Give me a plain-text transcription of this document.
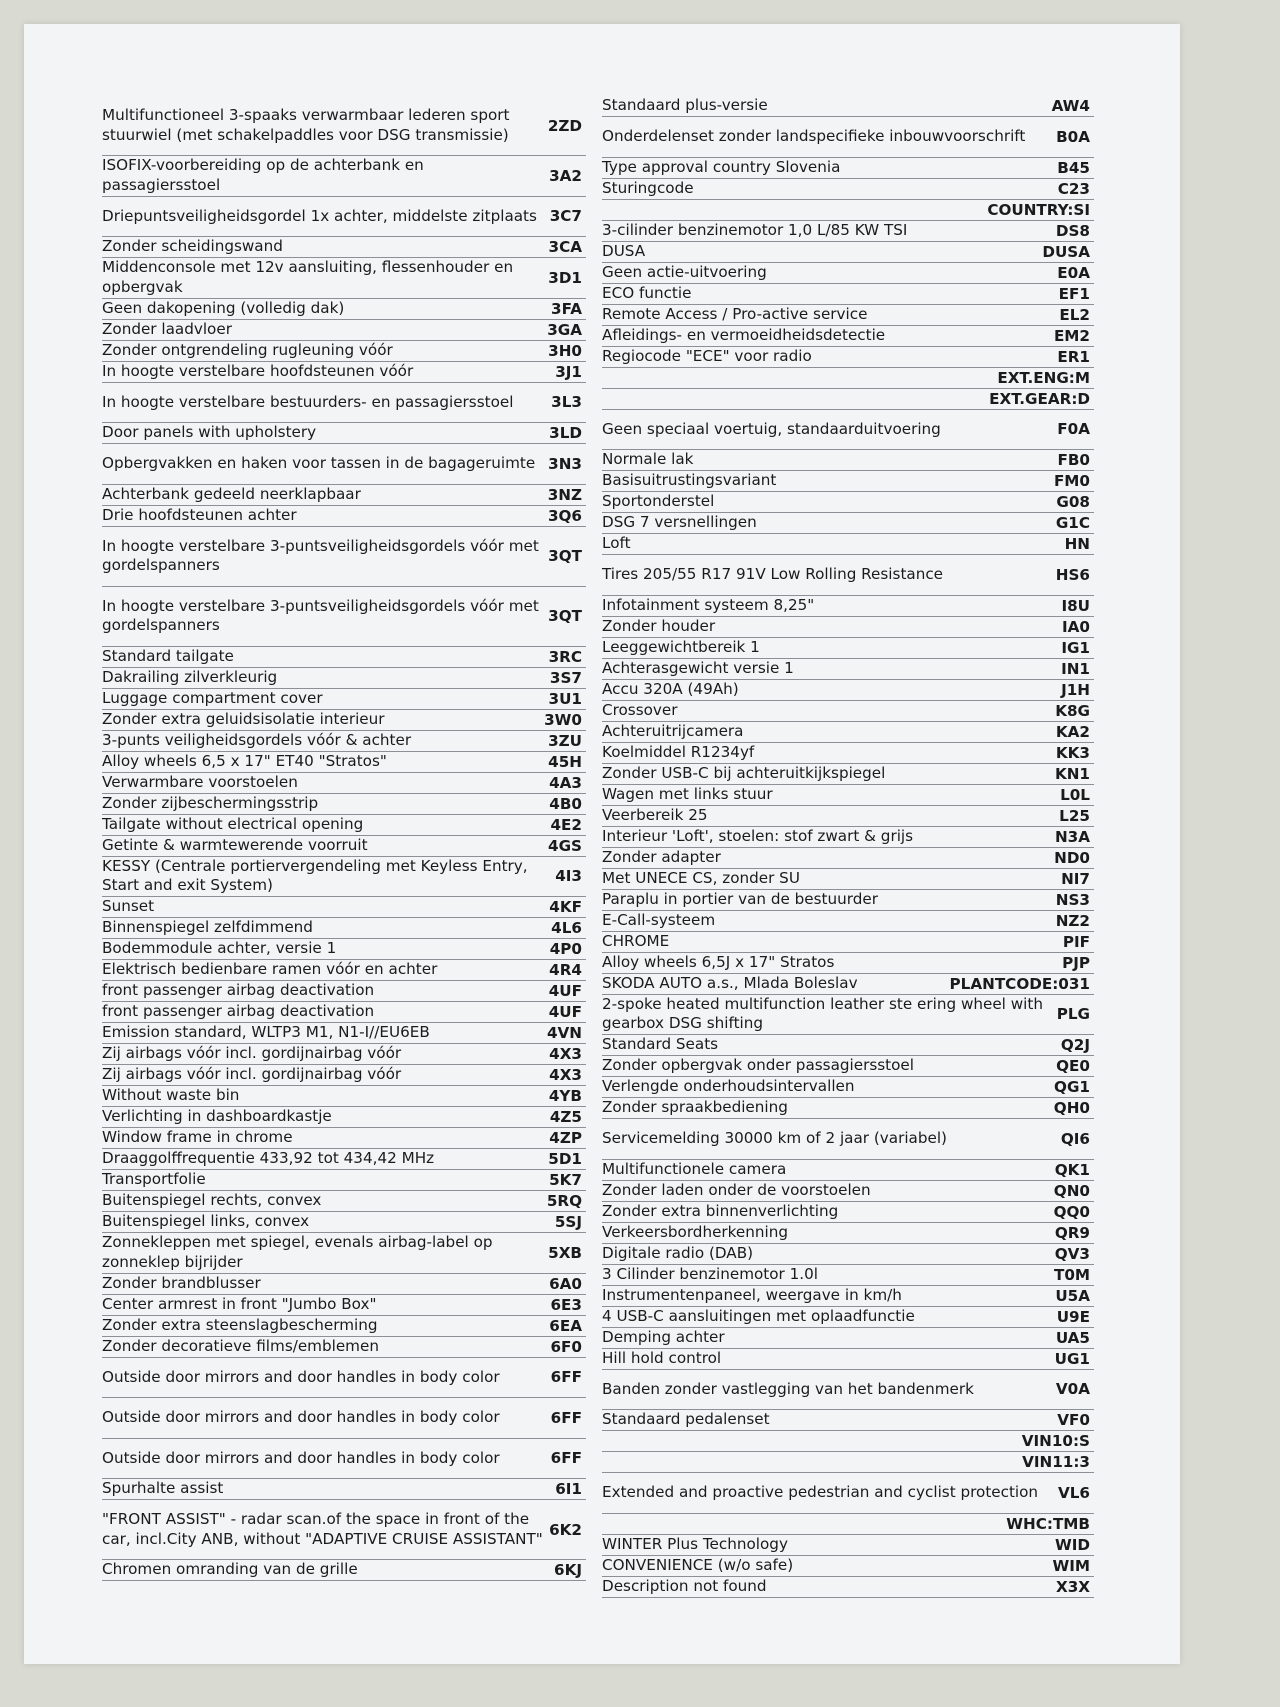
Multifunctioneel 3-spaaks verwarmbaar lederen sport stuurwiel (met schakelpaddles voor DSG transmissie)	2ZD
ISOFIX-voorbereiding op de achterbank en passagiersstoel	3A2
Driepuntsveiligheidsgordel 1x achter, middelste zitplaats 3C7
Zonder scheidingswand	3CA
Middenconsole met 12v aansluiting, flessenhouder en opbergvak	3D1
Geen dakopening (volledig dak)	3FA
Zonder laadvloer	3GA
Zonder ontgrendeling rugleuning vóór	3H0
In hoogte verstelbare hoofdsteunen vóór	3J1
In hoogte verstelbare bestuurders- en passagiersstoel	3L3
Door panels with upholstery	3LD
Opbergvakken en haken voor tassen in de bagageruimte 3N3
Achterbank gedeeld neerklapbaar	3NZ
Drie hoofdsteunen achter	3Q6
In hoogte verstelbare 3-puntsveiligheidsgordels vóór met gordelspanners	3QT
In hoogte verstelbare 3-puntsveiligheidsgordels vóór met gordelspanners	3QT
Standard tailgate	3RC
Dakrailing zilverkleurig	3S7
Luggage compartment cover	3U1
Zonder extra geluidsisolatie interieur	3W0
3-punts veiligheidsgordels vóór & achter	3ZU
Alloy wheels 6,5 x 17" ET40 "Stratos"	45H
Verwarmbare voorstoelen	4A3
Zonder zijbeschermingsstrip	4B0
Tailgate without electrical opening	4E2
Getinte & warmtewerende voorruit	4GS
KESSY (Centrale portiervergendeling met Keyless Entry, Start and exit System)	4I3
Sunset	4KF
Binnenspiegel zelfdimmend	4L6
Bodemmodule achter, versie 1	4P0
Elektrisch bedienbare ramen vóór en achter	4R4
front passenger airbag deactivation	4UF
front passenger airbag deactivation	4UF
Emission standard, WLTP3 M1, N1-I//EU6EB	4VN
Zij airbags vóór incl. gordijnairbag vóór	4X3
Zij airbags vóór incl. gordijnairbag vóór	4X3
Without waste bin	4YB
Verlichting in dashboardkastje	4Z5
Window frame in chrome	4ZP
Draaggolffrequentie 433,92 tot 434,42 MHz	5D1
Transportfolie	5K7
Buitenspiegel rechts, convex	5RQ
Buitenspiegel links, convex	5SJ
Zonnekleppen met spiegel, evenals airbag-label op zonneklep bijrijder	5XB
Zonder brandblusser	6A0
Center armrest in front "Jumbo Box"	6E3
Zonder extra steenslagbescherming	6EA
Zonder decoratieve films/emblemen	6F0
Outside door mirrors and door handles in body color	6FF
Outside door mirrors and door handles in body color	6FF
Outside door mirrors and door handles in body color	6FF
Spurhalte assist	6I1
"FRONT ASSIST" - radar scan.of the space in front of the car, incl.City ANB, without "ADAPTIVE CRUISE ASSISTANT" 6K2
Chromen omranding van de grille	6KJ
Standaard plus-versie	AW4
Onderdelenset zonder landspecifieke inbouwvoorschrift	B0A
Type approval country Slovenia	B45
Sturingcode	C23
COUNTRY:SI
3-cilinder benzinemotor 1,0 L/85 KW TSI	DS8
DUSA	DUSA
Geen actie-uitvoering	E0A
ECO functie	EF1
Remote Access / Pro-active service	EL2
Afleidings- en vermoeidheidsdetectie	EM2
Regiocode "ECE" voor radio	ER1
EXT.ENG:M
EXT.GEAR:D
Geen speciaal voertuig, standaarduitvoering	F0A
Normale lak	FB0
Basisuitrustingsvariant	FM0
Sportonderstel	G08
DSG 7 versnellingen	G1C
Loft	HN
Tires 205/55 R17 91V Low Rolling Resistance	HS6
Infotainment systeem 8,25"	I8U
Zonder houder	IA0
Leeggewichtbereik 1	IG1
Achterasgewicht versie 1	IN1
Accu 320A (49Ah)	J1H
Crossover	K8G
Achteruitrijcamera	KA2
Koelmiddel R1234yf	KK3
Zonder USB-C bij achteruitkijkspiegel	KN1
Wagen met links stuur	L0L
Veerbereik 25	L25
Interieur 'Loft', stoelen: stof zwart & grijs	N3A
Zonder adapter	ND0
Met UNECE CS, zonder SU	NI7
Paraplu in portier van de bestuurder	NS3
E-Call-systeem	NZ2
CHROME	PIF
Alloy wheels 6,5J x 17" Stratos	PJP
SKODA AUTO a.s., Mlada Boleslav	PLANTCODE:031
2-spoke heated multifunction leather ste ering wheel with gearbox DSG shifting	PLG
Standard Seats	Q2J
Zonder opbergvak onder passagiersstoel	QE0
Verlengde onderhoudsintervallen	QG1
Zonder spraakbediening	QH0
Servicemelding 30000 km of 2 jaar (variabel)	QI6
Multifunctionele camera	QK1
Zonder laden onder de voorstoelen	QN0
Zonder extra binnenverlichting	QQ0
Verkeersbordherkenning	QR9
Digitale radio (DAB)	QV3
3 Cilinder benzinemotor 1.0l	T0M
Instrumentenpaneel, weergave in km/h	U5A
4 USB-C aansluitingen met oplaadfunctie	U9E
Demping achter	UA5
Hill hold control	UG1
Banden zonder vastlegging van het bandenmerk	V0A
Standaard pedalenset	VF0
VIN10:S
VIN11:3
Extended and proactive pedestrian and cyclist protection	VL6
WHC:TMB
WINTER Plus Technology	WID
CONVENIENCE (w/o safe)	WIM
Description not found	X3X
